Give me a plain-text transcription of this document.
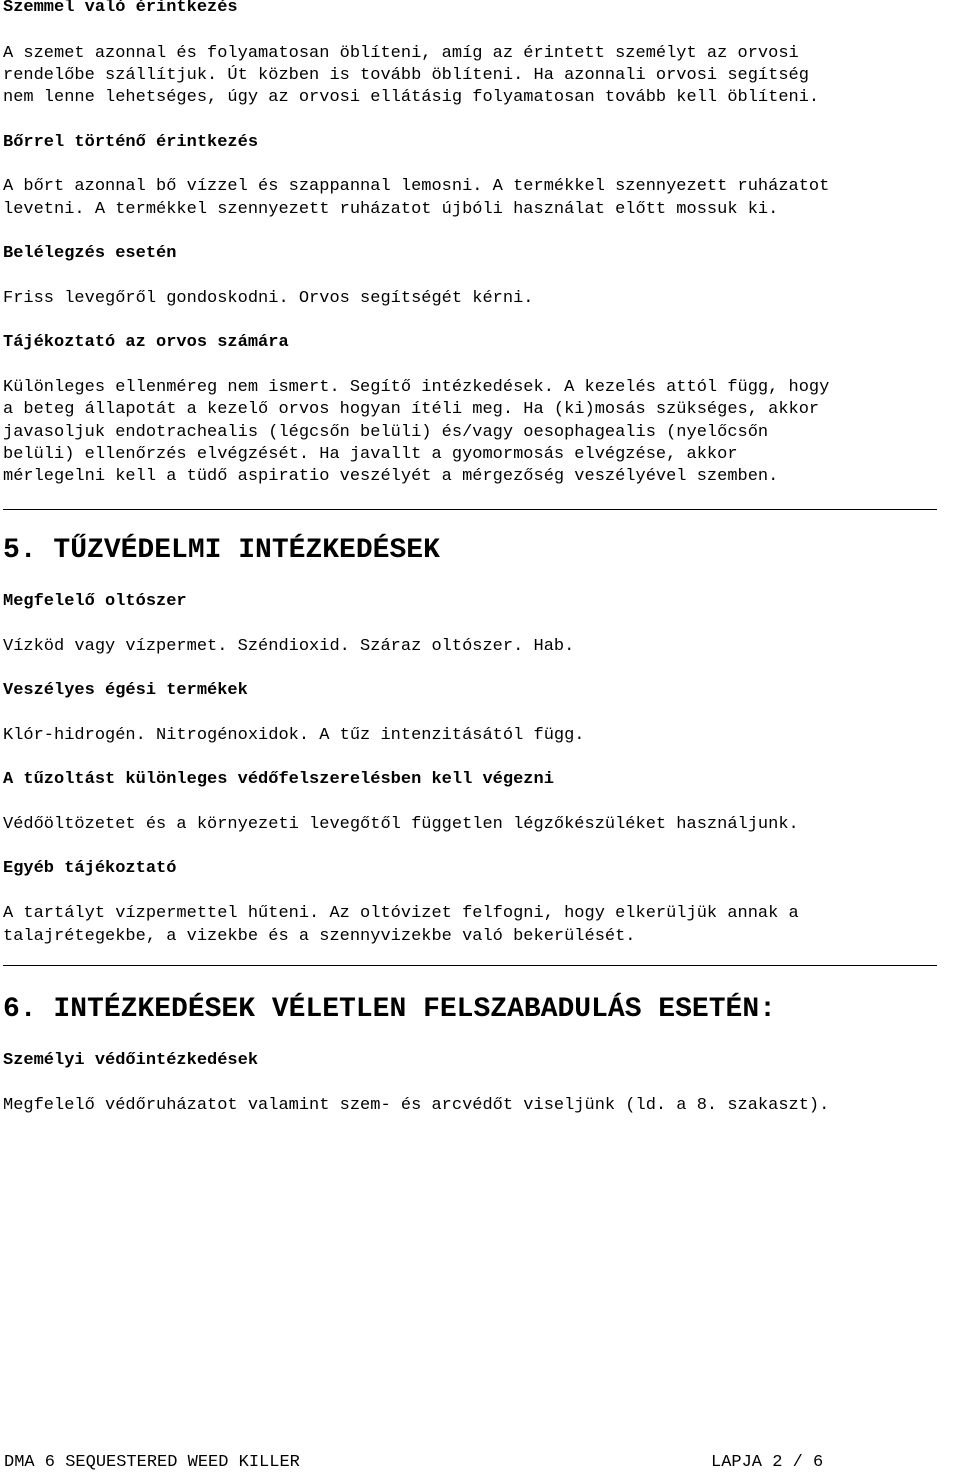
Szemmel való érintkezés

A szemet azonnal és folyamatosan öblíteni, amíg az érintett személyt az orvosi

rendelőbe szállítjuk. Út közben is tovább öblíteni. Ha azonnali orvosi segítség

nem lenne lehetséges, úgy az orvosi ellátásig folyamatosan tovább kell öblíteni.

Bőrrel történő érintkezés

A bőrt azonnal bő vízzel és szappannal lemosni. A termékkel szennyezett ruházatot

levetni. A termékkel szennyezett ruházatot újbóli használat előtt mossuk ki.

Belélegzés esetén

Friss levegőről gondoskodni. Orvos segítségét kérni.

Tájékoztató az orvos számára

Különleges ellenméreg nem ismert. Segítő intézkedések. A kezelés attól függ, hogy

a beteg állapotát a kezelő orvos hogyan ítéli meg. Ha (ki)mosás szükséges, akkor

javasoljuk endotrachealis (légcsőn belüli) és/vagy oesophagealis (nyelőcsőn

belüli) ellenőrzés elvégzését. Ha javallt a gyomormosás elvégzése, akkor

mérlegelni kell a tüdő aspiratio veszélyét a mérgezőség veszélyével szemben.

5. TŰZVÉDELMI INTÉZKEDÉSEK

Megfelelő oltószer

Vízköd vagy vízpermet. Széndioxid. Száraz oltószer. Hab.

Veszélyes égési termékek

Klór-hidrogén. Nitrogénoxidok. A tűz intenzitásától függ.

A tűzoltást különleges védőfelszerelésben kell végezni

Védőöltözetet és a környezeti levegőtől független légzőkészüléket használjunk.

Egyéb tájékoztató

A tartályt vízpermettel hűteni. Az oltóvizet felfogni, hogy elkerüljük annak a

talajrétegekbe, a vizekbe és a szennyvizekbe való bekerülését.

6. INTÉZKEDÉSEK VÉLETLEN FELSZABADULÁS ESETÉN:

Személyi védőintézkedések

Megfelelő védőruházatot valamint szem- és arcvédőt viseljünk (ld. a 8. szakaszt).

DMA 6 SEQUESTERED WEED KILLER	LAPJA 2 / 6
